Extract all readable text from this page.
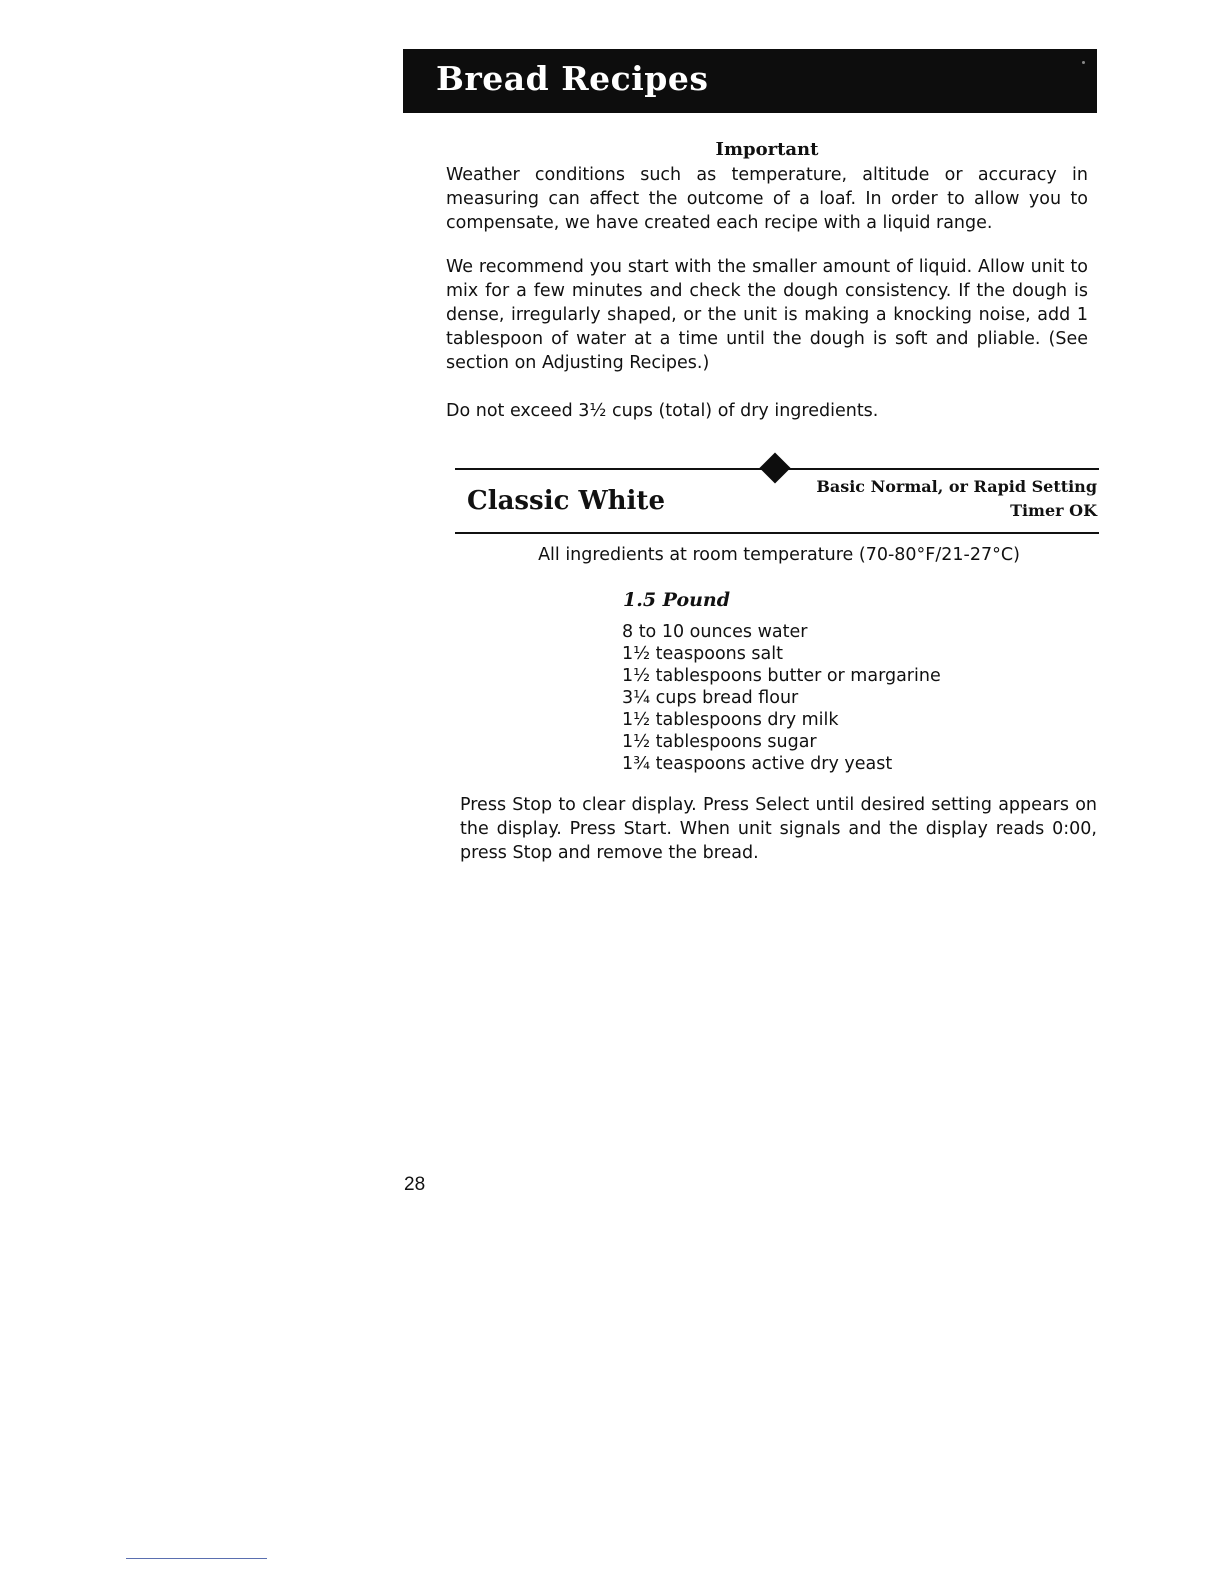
Bread Recipes
Important

Weather conditions such as temperature, altitude or accuracy in measuring can affect the outcome of a loaf. In order to allow you to compensate, we have created each recipe with a liquid range.

We recommend you start with the smaller amount of liquid. Allow unit to mix for a few minutes and check the dough consistency. If the dough is dense, irregularly shaped, or the unit is making a knocking noise, add 1 tablespoon of water at a time until the dough is soft and pliable. (See section on Adjusting Recipes.)

Do not exceed 3½ cups (total) of dry ingredients.

Classic White	Basic Normal, or Rapid Setting
Timer OK
All ingredients at room temperature (70-80°F/21-27°C)
1.5 Pound
8 to 10 ounces water
1½ teaspoons salt
1½ tablespoons butter or margarine
3¼ cups bread flour
1½ tablespoons dry milk
1½ tablespoons sugar
1¾ teaspoons active dry yeast

Press Stop to clear display. Press Select until desired setting appears on the display. Press Start. When unit signals and the display reads 0:00, press Stop and remove the bread.

28
